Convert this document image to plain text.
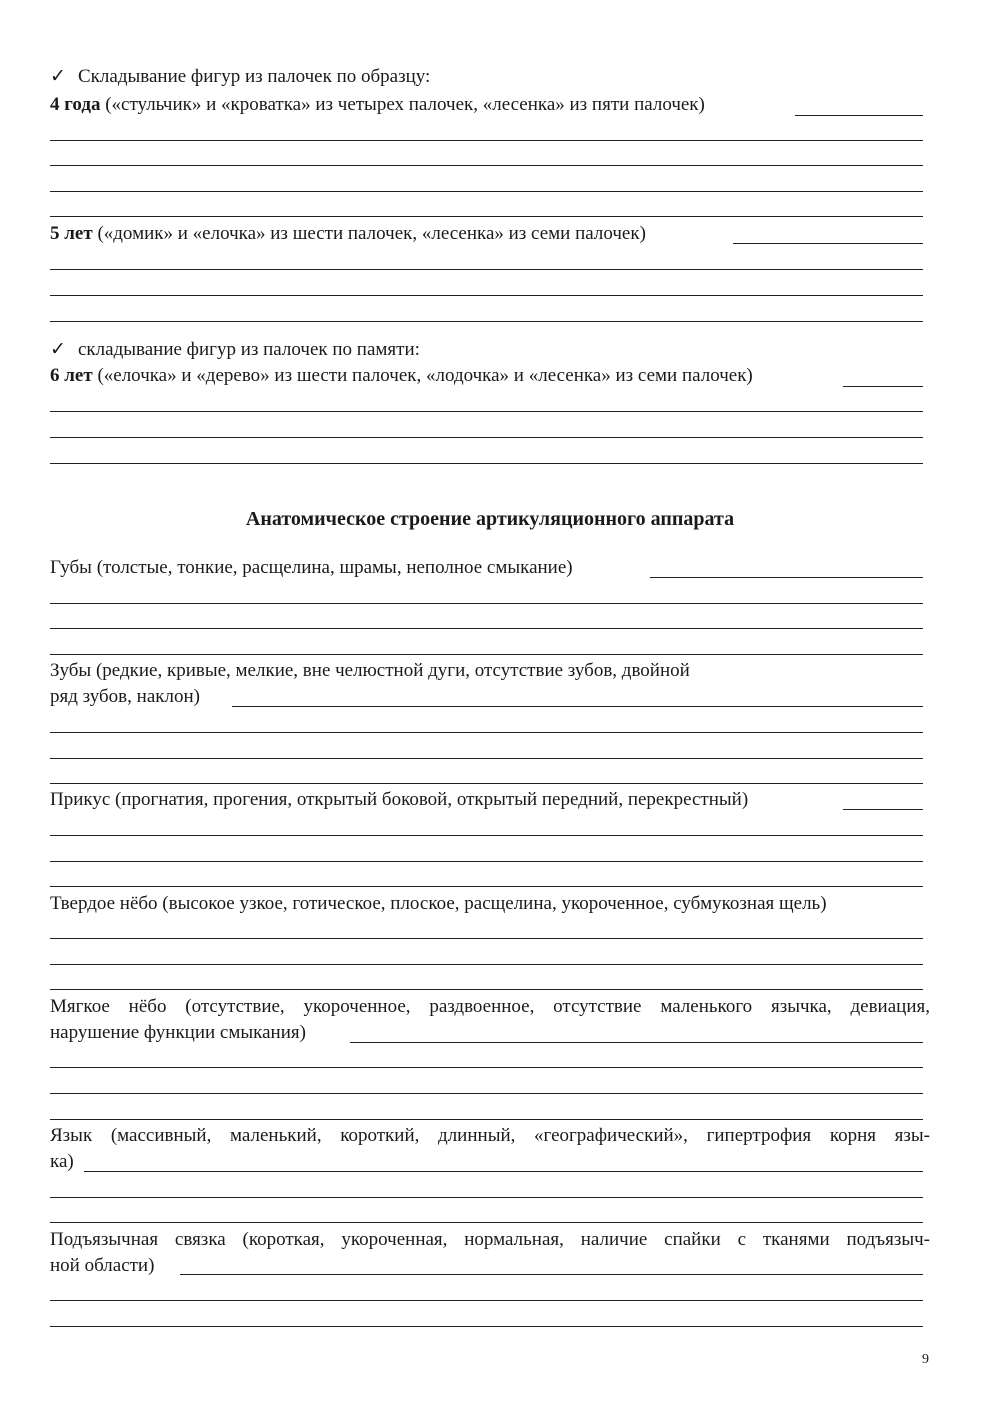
✓ Складывание фигур из палочек по образцу:
4 года («стульчик» и «кроватка» из четырех палочек, «лесенка» из пяти палочек)
5 лет («домик» и «елочка» из шести палочек, «лесенка» из семи палочек)
✓ складывание фигур из палочек по памяти:
6 лет («елочка» и «дерево» из шести палочек, «лодочка» и «лесенка» из семи палочек)
Анатомическое строение артикуляционного аппарата
Губы (толстые, тонкие, расщелина, шрамы, неполное смыкание)
Зубы (редкие, кривые, мелкие, вне челюстной дуги, отсутствие зубов, двойной
ряд зубов, наклон)
Прикус (прогнатия, прогения, открытый боковой, открытый передний, перекрестный)
Твердое нёбо (высокое узкое, готическое, плоское, расщелина, укороченное, субмукозная щель)
Мягкое нёбо (отсутствие, укороченное, раздвоенное, отсутствие маленького язычка, девиация,
нарушение функции смыкания)
Язык (массивный, маленький, короткий, длинный, «географический», гипертрофия корня язы-
ка)
Подъязычная связка (короткая, укороченная, нормальная, наличие спайки с тканями подъязыч-
ной области)
9
